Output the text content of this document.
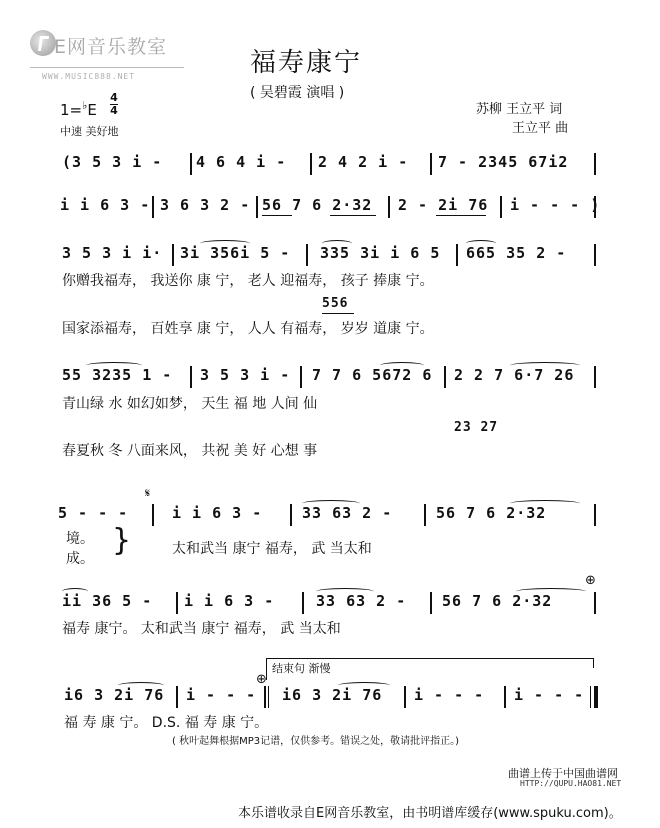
E网音乐教室
WWW.MUSIC888.NET	福寿康宁
( 吴碧霞 演唱 )
苏柳 王立平 词
王立平 曲
1=♭E
4
4
中速 美好地
(3 5 3 i - 4 6 4 i - 2 4 2 i - 7 - 2345 67i2
i i 6 3 - 3 6 3 2 - 56 7 6 2·32 2 - 2i 76 i - - - )
3 5 3 i i· 3i 356i 5 - 335 3i i 6 5 665 35 2 -
你赠我福寿， 我送你 康 宁， 老人 迎福寿， 孩子 捧康 宁。
556
国家添福寿， 百姓享 康 宁， 人人 有福寿， 岁岁 道康 宁。
55 3235 1 - 3 5 3 i - 7 7 6 5672 6 2 2 7 6·7 26
青山绿 水 如幻如梦， 天生 福 地 人间 仙
23 27
春夏秋 冬 八面来风， 共祝 美 好 心想 事
𝄋
5 - - -	i i 6 3 -	33 63 2 -	56 7 6 2·32
境。
成。
}	太和武当 康宁 福寿， 武 当太和
⊕
ii 36 5 - i i 6 3 -	33 63 2 - 56 7 6 2·32
福寿 康宁。 太和武当 康宁 福寿， 武 当太和
结束句 渐慢
⊕
i6 3 2i 76 i - - - i6 3 2i 76 i - - - i - - -
福 寿 康 宁。 D.S. 福 寿 康 宁。
( 秋叶起舞根据MP3记谱，仅供参考。错误之处，敬请批评指正。)
曲谱上传于中国曲谱网
HTTP://QUPU.HAO81.NET
本乐谱收录自E网音乐教室，由书明谱库缓存(www.spuku.com)。
